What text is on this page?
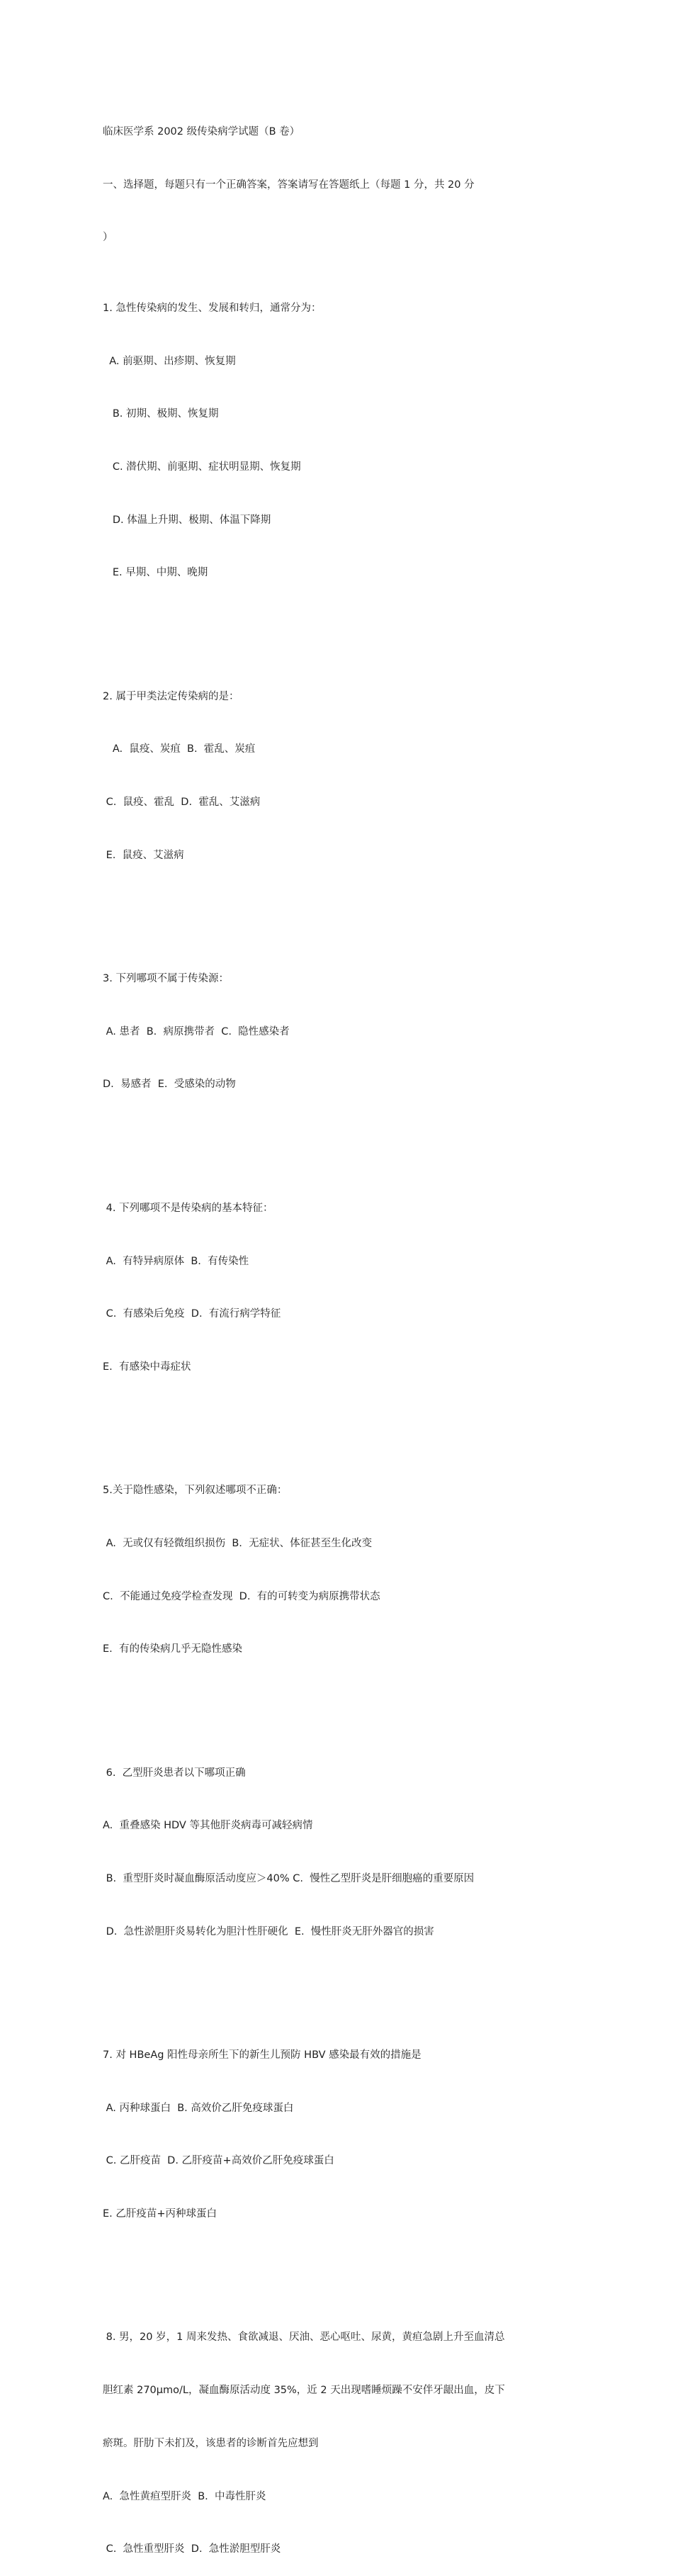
临床医学系 2002 级传染病学试题（B 卷）

一、选择题，每题只有一个正确答案，答案请写在答题纸上（每题 1 分，共 20 分

）

1. 急性传染病的发生、发展和转归，通常分为：

A. 前驱期、出疹期、恢复期

B. 初期、极期、恢复期

C. 潜伏期、前驱期、症状明显期、恢复期

D. 体温上升期、极期、体温下降期

E. 早期、中期、晚期

2. 属于甲类法定传染病的是：

A.  鼠疫、炭疽  B.  霍乱、炭疽

C.  鼠疫、霍乱  D.  霍乱、艾滋病

E.  鼠疫、艾滋病

3. 下列哪项不属于传染源：

A. 患者  B.  病原携带者  C.  隐性感染者

D.  易感者  E.  受感染的动物

4. 下列哪项不是传染病的基本特征：

A.  有特异病原体  B.  有传染性

C.  有感染后免疫  D.  有流行病学特征

E.  有感染中毒症状

5.关于隐性感染，下列叙述哪项不正确：

A.  无或仅有轻微组织损伤  B.  无症状、体征甚至生化改变

C.  不能通过免疫学检查发现  D.  有的可转变为病原携带状态

E.  有的传染病几乎无隐性感染

6.  乙型肝炎患者以下哪项正确

A.  重叠感染 HDV 等其他肝炎病毒可减轻病情

B.  重型肝炎时凝血酶原活动度应＞40% C.  慢性乙型肝炎是肝细胞癌的重要原因

D.  急性淤胆肝炎易转化为胆汁性肝硬化  E.  慢性肝炎无肝外器官的损害

7. 对 HBeAg 阳性母亲所生下的新生儿预防 HBV 感染最有效的措施是

A. 丙种球蛋白  B. 高效价乙肝免疫球蛋白

C. 乙肝疫苗  D. 乙肝疫苗+高效价乙肝免疫球蛋白

E. 乙肝疫苗+丙种球蛋白

8. 男，20 岁，1 周来发热、食欲减退、厌油、恶心呕吐、尿黄，黄疸急剧上升至血清总

胆红素 270μmo/L，凝血酶原活动度 35%，近 2 天出现嗜睡烦躁不安伴牙龈出血，皮下

瘀斑。肝肋下未扪及，该患者的诊断首先应想到

A.  急性黄疸型肝炎  B.  中毒性肝炎

C.  急性重型肝炎  D.  急性淤胆型肝炎
